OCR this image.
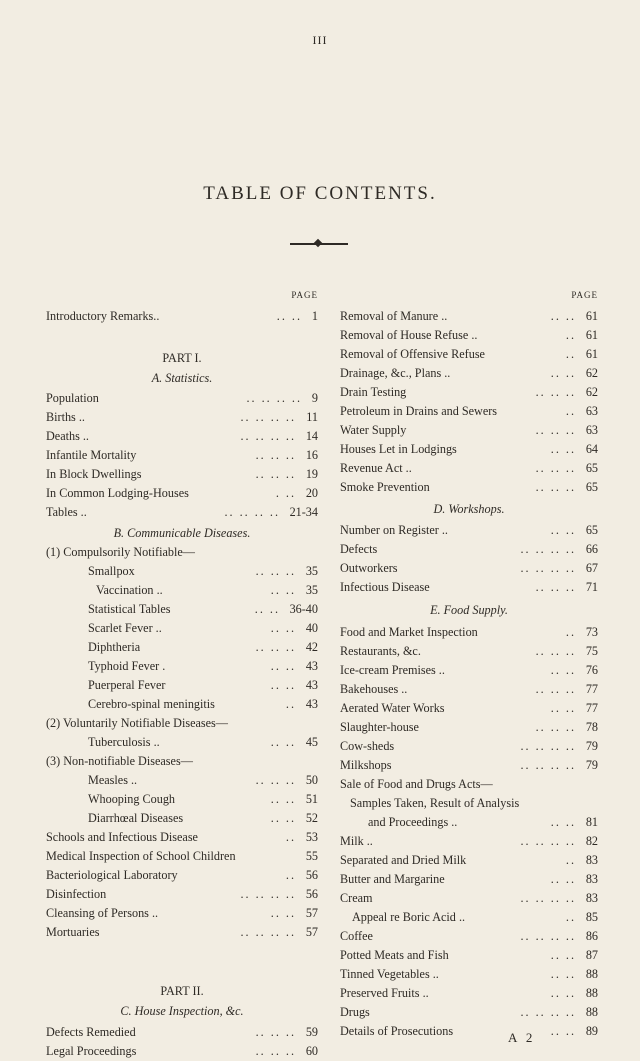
III
TABLE OF CONTENTS.
PAGE
Introductory Remarks..	.. .. 1
PART I.
A. Statistics.
Population	.. .. .. .. 9
Births ..	.. .. .. .. 11
Deaths ..	.. .. .. .. 14
Infantile Mortality	.. .. .. 16
In Block Dwellings	.. .. .. 19
In Common Lodging-Houses	. .. 20
Tables ..	.. .. .. .. 21-34
B. Communicable Diseases.
(1) Compulsorily Notifiable—
Smallpox	.. .. .. 35
Vaccination ..	.. .. 35
Statistical Tables	.. .. 36-40
Scarlet Fever ..	.. .. 40
Diphtheria	.. .. .. 42
Typhoid Fever .	.. .. 43
Puerperal Fever	.. .. 43
Cerebro-spinal meningitis	.. 43
(2) Voluntarily Notifiable Diseases—
Tuberculosis ..	.. .. 45
(3) Non-notifiable Diseases—
Measles ..	.. .. .. 50
Whooping Cough	.. .. 51
Diarrhœal Diseases	.. .. 52
Schools and Infectious Disease	.. 53
Medical Inspection of School Children	55
Bacteriological Laboratory	.. 56
Disinfection	.. .. .. .. 56
Cleansing of Persons ..	.. .. 57
Mortuaries	.. .. .. .. 57
PART II.
C. House Inspection, &c.
Defects Remedied	.. .. .. 59
Legal Proceedings	.. .. .. 60
PAGE
Removal of Manure ..	.. .. 61
Removal of House Refuse ..	.. 61
Removal of Offensive Refuse	.. 61
Drainage, &c., Plans ..	.. .. 62
Drain Testing	.. .. .. 62
Petroleum in Drains and Sewers	.. 63
Water Supply	.. .. .. 63
Houses Let in Lodgings	.. .. 64
Revenue Act ..	.. .. .. 65
Smoke Prevention	.. .. .. 65
D. Workshops.
Number on Register ..	.. .. 65
Defects	.. .. .. .. 66
Outworkers	.. .. .. .. 67
Infectious Disease	.. .. .. 71
E. Food Supply.
Food and Market Inspection	.. 73
Restaurants, &c.	.. .. .. 75
Ice-cream Premises ..	.. .. 76
Bakehouses ..	.. .. .. 77
Aerated Water Works	.. .. 77
Slaughter-house	.. .. .. 78
Cow-sheds	.. .. .. .. 79
Milkshops	.. .. .. .. 79
Sale of Food and Drugs Acts—
Samples Taken, Result of Analysis
and Proceedings ..	.. .. 81
Milk ..	.. .. .. .. 82
Separated and Dried Milk	.. 83
Butter and Margarine	.. .. 83
Cream	.. .. .. .. 83
Appeal re Boric Acid ..	.. 85
Coffee	.. .. .. .. 86
Potted Meats and Fish	.. .. 87
Tinned Vegetables ..	.. .. 88
Preserved Fruits ..	.. .. 88
Drugs	.. .. .. .. 88
Details of Prosecutions	.. .. 89
A 2
